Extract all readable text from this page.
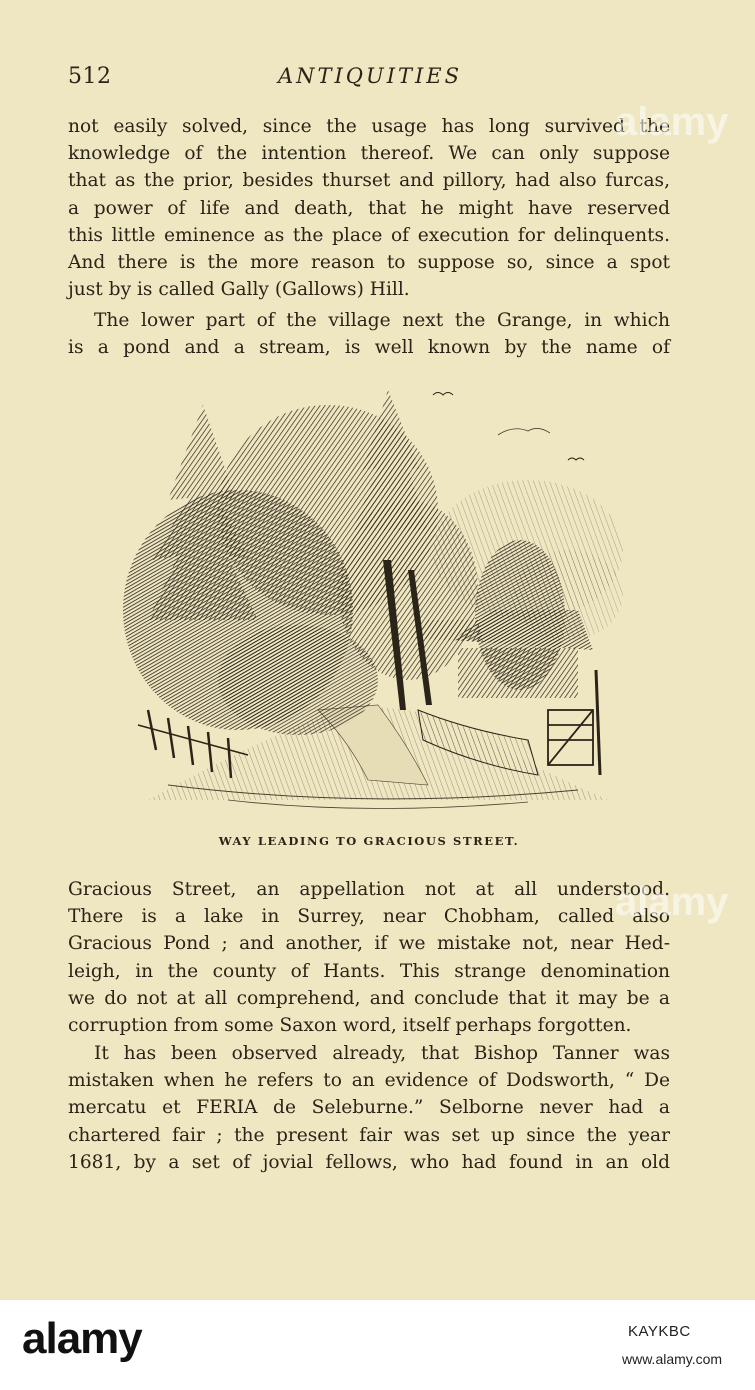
512	ANTIQUITIES

not easily solved, since the usage has long survived the

knowledge of the intention thereof. We can only suppose

that as the prior, besides thurset and pillory, had also furcas,

a power of life and death, that he might have reserved

this little eminence as the place of execution for delinquents.

And there is the more reason to suppose so, since a spot

just by is called Gally (Gallows) Hill.

The lower part of the village next the Grange, in which

is a pond and a stream, is well known by the name of

WAY LEADING TO GRACIOUS STREET.

Gracious Street, an appellation not at all understood.

There is a lake in Surrey, near Chobham, called also

Gracious Pond ; and another, if we mistake not, near Hed-

leigh, in the county of Hants. This strange denomination

we do not at all comprehend, and conclude that it may be a

corruption from some Saxon word, itself perhaps forgotten.

It has been observed already, that Bishop Tanner was

mistaken when he refers to an evidence of Dodsworth, “ De

mercatu et FERIA de Seleburne.” Selborne never had a

chartered fair ; the present fair was set up since the year

1681, by a set of jovial fellows, who had found in an old

alamy
alamy
alamy	KAYKBC
www.alamy.com
